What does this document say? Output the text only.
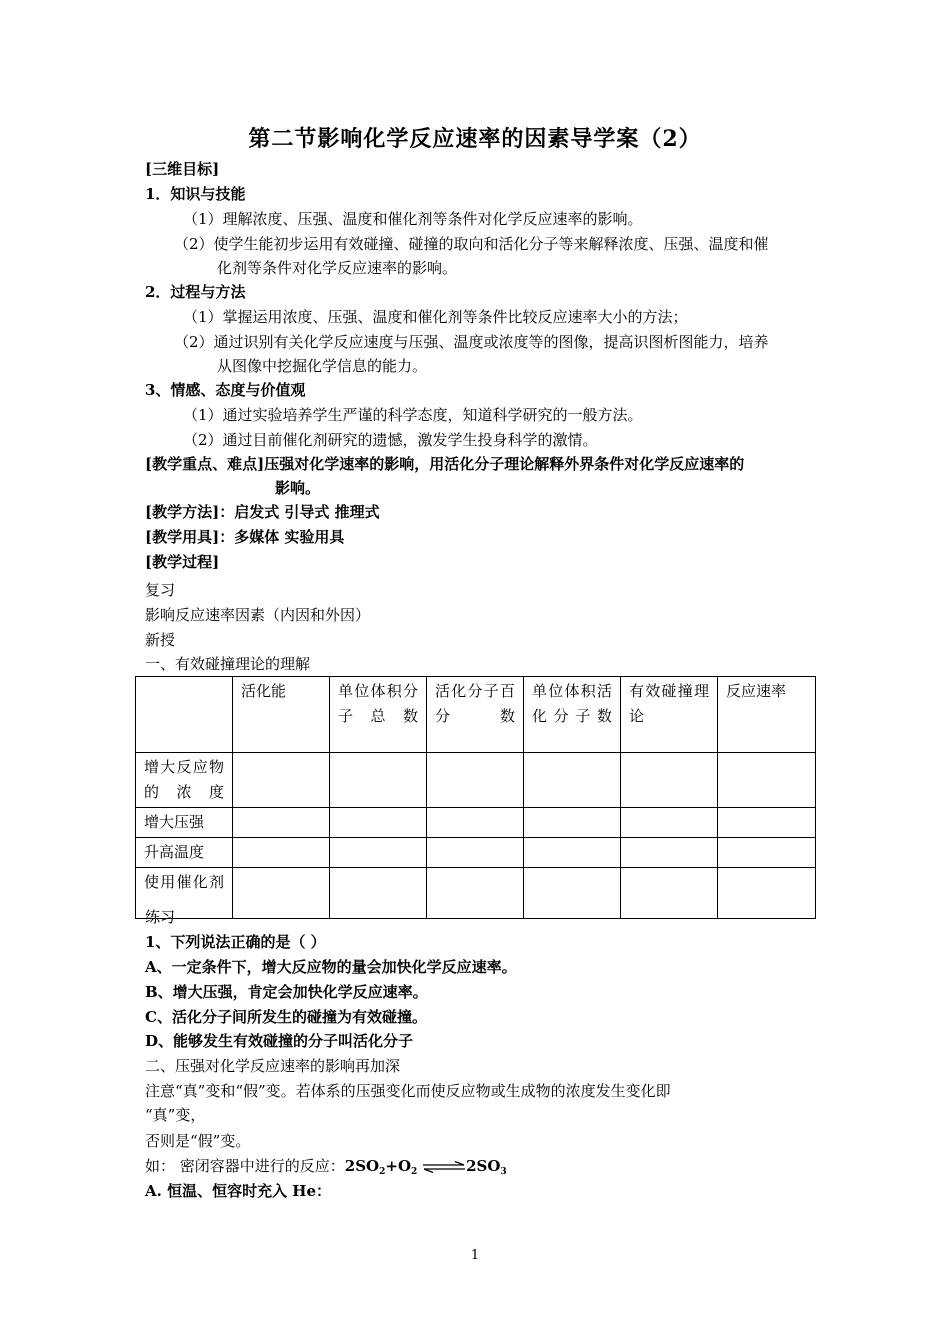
第二节影响化学反应速率的因素导学案（2）
[三维目标]
1．知识与技能
（1）理解浓度、压强、温度和催化剂等条件对化学反应速率的影响。
（2）使学生能初步运用有效碰撞、碰撞的取向和活化分子等来解释浓度、压强、温度和催
化剂等条件对化学反应速率的影响。
2．过程与方法
（1）掌握运用浓度、压强、温度和催化剂等条件比较反应速率大小的方法；
（2）通过识别有关化学反应速度与压强、温度或浓度等的图像，提高识图析图能力，培养
从图像中挖掘化学信息的能力。
3、情感、态度与价值观
（1）通过实验培养学生严谨的科学态度，知道科学研究的一般方法。
（2）通过目前催化剂研究的遗憾，激发学生投身科学的激情。
[教学重点、难点]压强对化学速率的影响，用活化分子理论解释外界条件对化学反应速率的
影响。
[教学方法]：启发式 引导式 推理式
[教学用具]：多媒体 实验用具
[教学过程]
复习
影响反应速率因素（内因和外因）
新授
一、有效碰撞理论的理解
	活化能	单位体积分子总数	活化分子百分数	单位体积活化分子数	有效碰撞理论	反应速率
增大反应物的浓度						
增大压强						
升高温度						
使用催化剂						
练习
1、下列说法正确的是（ ）
A、一定条件下，增大反应物的量会加快化学反应速率。
B、增大压强，肯定会加快化学反应速率。
C、活化分子间所发生的碰撞为有效碰撞。
D、能够发生有效碰撞的分子叫活化分子
二、压强对化学反应速率的影响再加深
注意“真”变和“假”变。若体系的压强变化而使反应物或生成物的浓度发生变化即
“真”变，
否则是“假”变。
如： 密闭容器中进行的反应：$2SO_2+O_2$ $\rightleftharpoons 2SO_3$
A. 恒温、恒容时充入 He：
1
